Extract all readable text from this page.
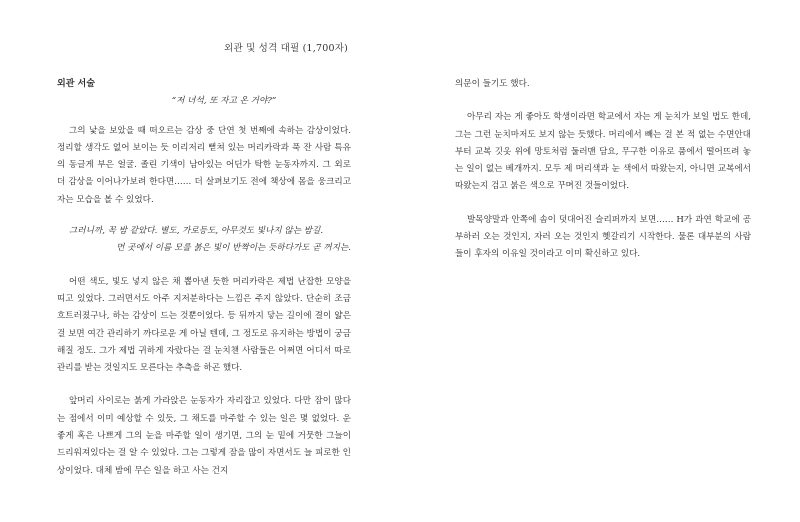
외관 및 성격 대필 (1,700자)

외관 서술

“저 녀석, 또 자고 온 거야?”

그의 낯을 보았을 때 떠오르는 감상 중 단연 첫 번째에 속하는 감상이었다. 정리할 생각도 없어 보이는 듯 이리저리 뻗쳐 있는 머리카락과 푹 잔 사람 특유의 동글게 부은 얼굴. 졸린 기색이 남아있는 어딘가 탁한 눈동자까지. 그 외로 더 감상을 이어나가보려 한다면…… 더 살펴보기도 전에 책상에 몸을 웅크리고 자는 모습을 볼 수 있었다.

그러니까, 꼭 밤 같았다. 별도, 가로등도, 아무것도 빛나지 않는 밤길.

먼 곳에서 이름 모를 붉은 빛이 반짝이는 듯하다가도 곧 꺼지는.

어떤 색도, 빛도 넣지 않은 채 뽑아낸 듯한 머리카락은 제법 난잡한 모양을 띠고 있었다. 그러면서도 아주 지저분하다는 느낌은 주지 않았다. 단순히 조금 흐트러졌구나, 하는 감상이 드는 것뿐이었다. 등 뒤까지 닿는 길이에 결이 얇은 걸 보면 여간 관리하기 까다로운 게 아닐 텐데, 그 정도로 유지하는 방법이 궁금해질 정도. 그가 제법 귀하게 자랐다는 걸 눈치챈 사람들은 어쩌면 어디서 따로 관리를 받는 것일지도 모른다는 추측을 하곤 했다.

앞머리 사이로는 붉게 가라앉은 눈동자가 자리잡고 있었다. 다만 잠이 많다는 점에서 이미 예상할 수 있듯, 그 채도를 마주할 수 있는 일은 몇 없었다. 운 좋게 혹은 나쁘게 그의 눈을 마주할 일이 생기면, 그의 눈 밑에 거뭇한 그늘이 드리워져있다는 걸 알 수 있었다. 그는 그렇게 잠을 많이 자면서도 늘 피로한 인상이었다. 대체 밤에 무슨 일을 하고 사는 건지

의문이 들기도 했다.

아무리 자는 게 좋아도 학생이라면 학교에서 자는 게 눈치가 보일 법도 한데, 그는 그런 눈치마저도 보지 않는 듯했다. 머리에서 빼는 걸 본 적 없는 수면안대부터 교복 깃옷 위에 망토처럼 둘러맨 담요, 무구한 이유로 품에서 떨어뜨려 놓는 일이 없는 베개까지. 모두 제 머리색과 눈 색에서 따왔는지, 아니면 교복에서 따왔는지 검고 붉은 색으로 꾸며진 것들이었다.

발목양말과 안쪽에 솜이 덧대어진 슬리퍼까지 보면…… H가 과연 학교에 공부하러 오는 것인지, 자러 오는 것인지 헷갈리기 시작한다. 물론 대부분의 사람들이 후자의 이유일 것이라고 이미 확신하고 있다.
